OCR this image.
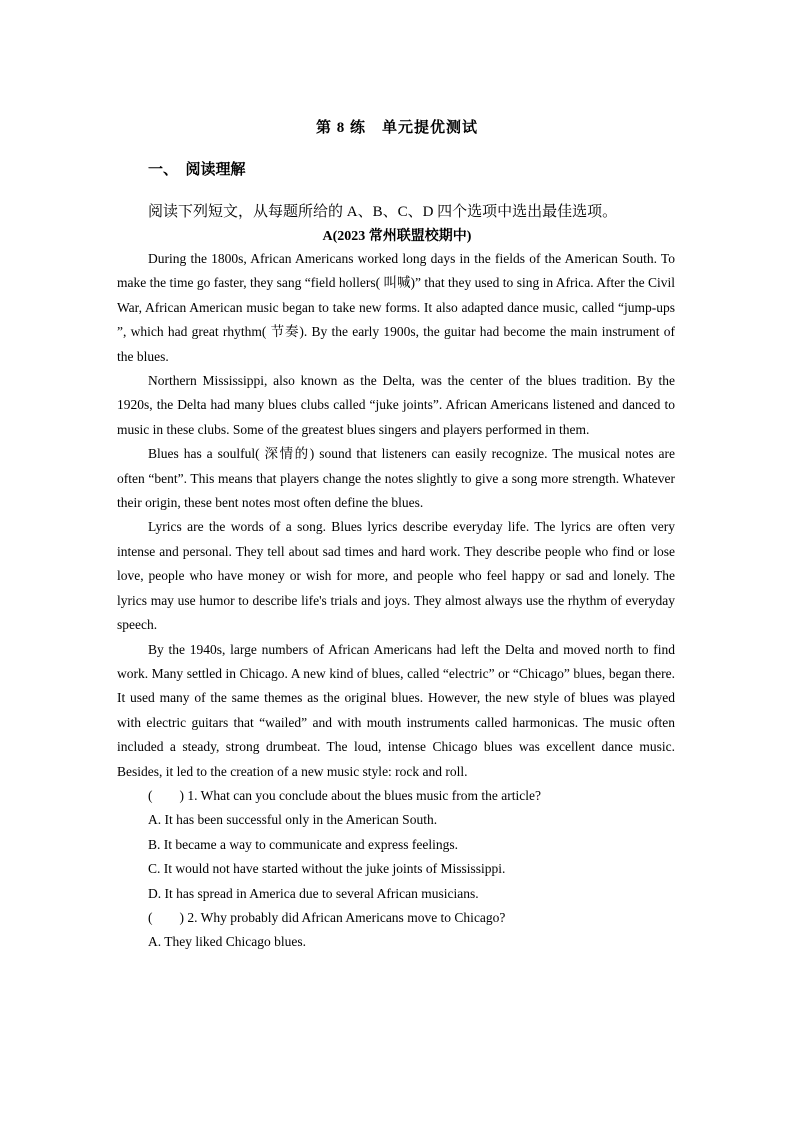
第 8 练　单元提优测试
一、　阅读理解
阅读下列短文，从每题所给的 A、B、C、D 四个选项中选出最佳选项。
A(2023 常州联盟校期中)

During the 1800s, African Americans worked long days in the fields of the American South. To make the time go faster, they sang “field hollers( 叫喊)” that they used to sing in Africa. After the Civil War, African American music began to take new forms. It also adapted dance music, called “jump-ups ”, which had great rhythm( 节奏). By the early 1900s, the guitar had become the main instrument of the blues.

Northern Mississippi, also known as the Delta, was the center of the blues tradition. By the 1920s, the Delta had many blues clubs called “juke joints”. African Americans listened and danced to music in these clubs. Some of the greatest blues singers and players performed in them.

Blues has a soulful( 深情的) sound that listeners can easily recognize. The musical notes are often “bent”. This means that players change the notes slightly to give a song more strength. Whatever their origin, these bent notes most often define the blues.

Lyrics are the words of a song. Blues lyrics describe everyday life. The lyrics are often very intense and personal. They tell about sad times and hard work. They describe people who find or lose love, people who have money or wish for more, and people who feel happy or sad and lonely. The lyrics may use humor to describe life's trials and joys. They almost always use the rhythm of everyday speech.

By the 1940s, large numbers of African Americans had left the Delta and moved north to find work. Many settled in Chicago. A new kind of blues, called “electric” or “Chicago” blues, began there. It used many of the same themes as the original blues. However, the new style of blues was played with electric guitars that “wailed” and with mouth instruments called harmonicas. The music often included a steady, strong drumbeat. The loud, intense Chicago blues was excellent dance music. Besides, it led to the creation of a new music style: rock and roll.

(　　) 1. What can you conclude about the blues music from the article?

A. It has been successful only in the American South.

B. It became a way to communicate and express feelings.

C. It would not have started without the juke joints of Mississippi.

D. It has spread in America due to several African musicians.

(　　) 2. Why probably did African Americans move to Chicago?

A. They liked Chicago blues.
